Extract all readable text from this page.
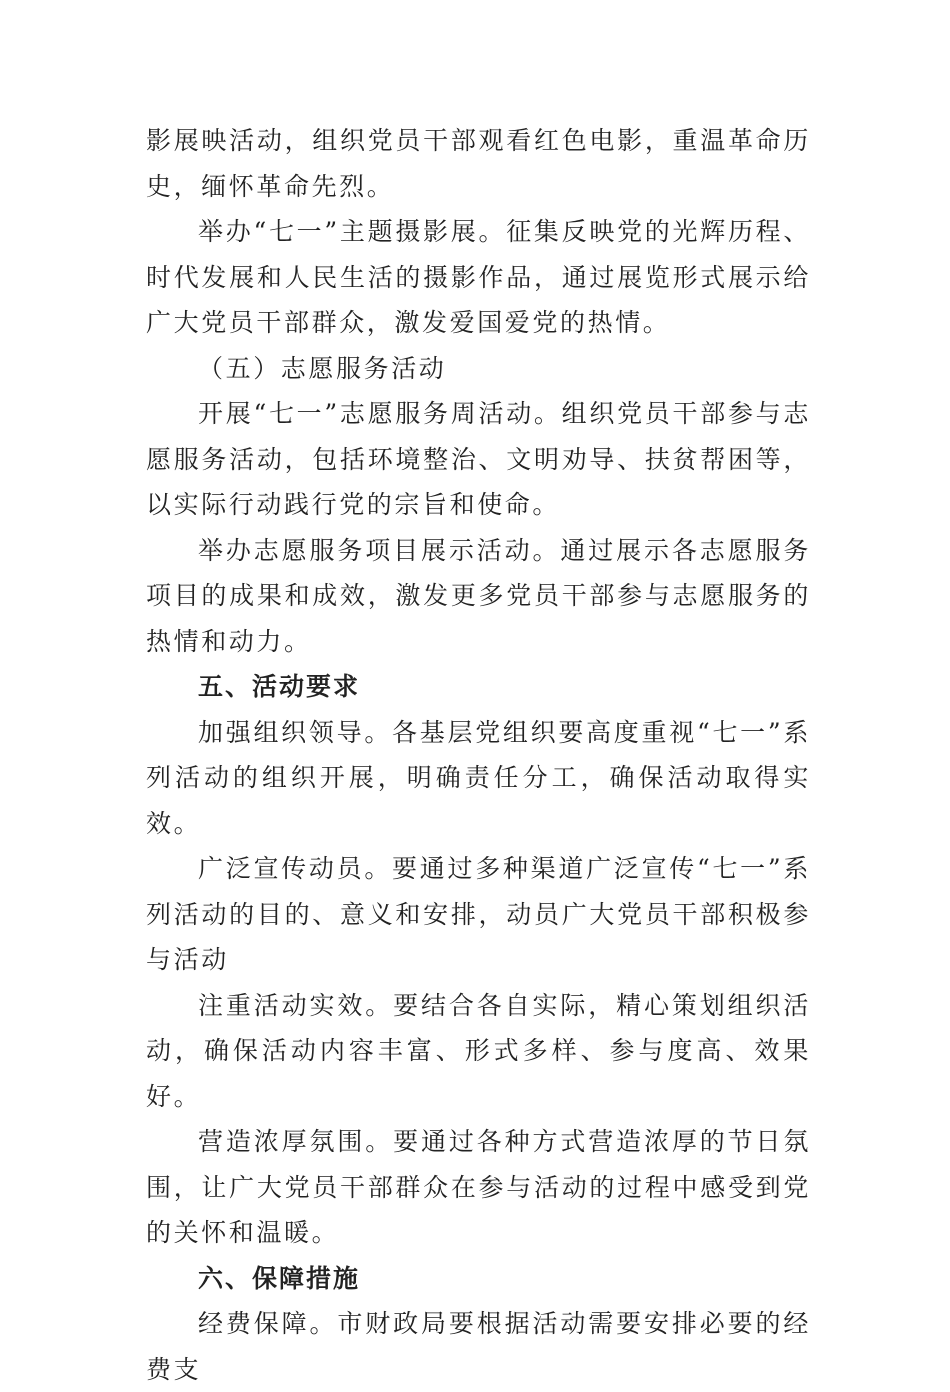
影展映活动，组织党员干部观看红色电影，重温革命历史，缅怀革命先烈。

举办“七一”主题摄影展。征集反映党的光辉历程、时代发展和人民生活的摄影作品，通过展览形式展示给广大党员干部群众，激发爱国爱党的热情。

（五）志愿服务活动

开展“七一”志愿服务周活动。组织党员干部参与志愿服务活动，包括环境整治、文明劝导、扶贫帮困等，以实际行动践行党的宗旨和使命。

举办志愿服务项目展示活动。通过展示各志愿服务项目的成果和成效，激发更多党员干部参与志愿服务的热情和动力。

五、活动要求

加强组织领导。各基层党组织要高度重视“七一”系列活动的组织开展，明确责任分工，确保活动取得实效。

广泛宣传动员。要通过多种渠道广泛宣传“七一”系列活动的目的、意义和安排，动员广大党员干部积极参与活动

注重活动实效。要结合各自实际，精心策划组织活动，确保活动内容丰富、形式多样、参与度高、效果好。

营造浓厚氛围。要通过各种方式营造浓厚的节日氛围，让广大党员干部群众在参与活动的过程中感受到党的关怀和温暖。

六、保障措施

经费保障。市财政局要根据活动需要安排必要的经费支
